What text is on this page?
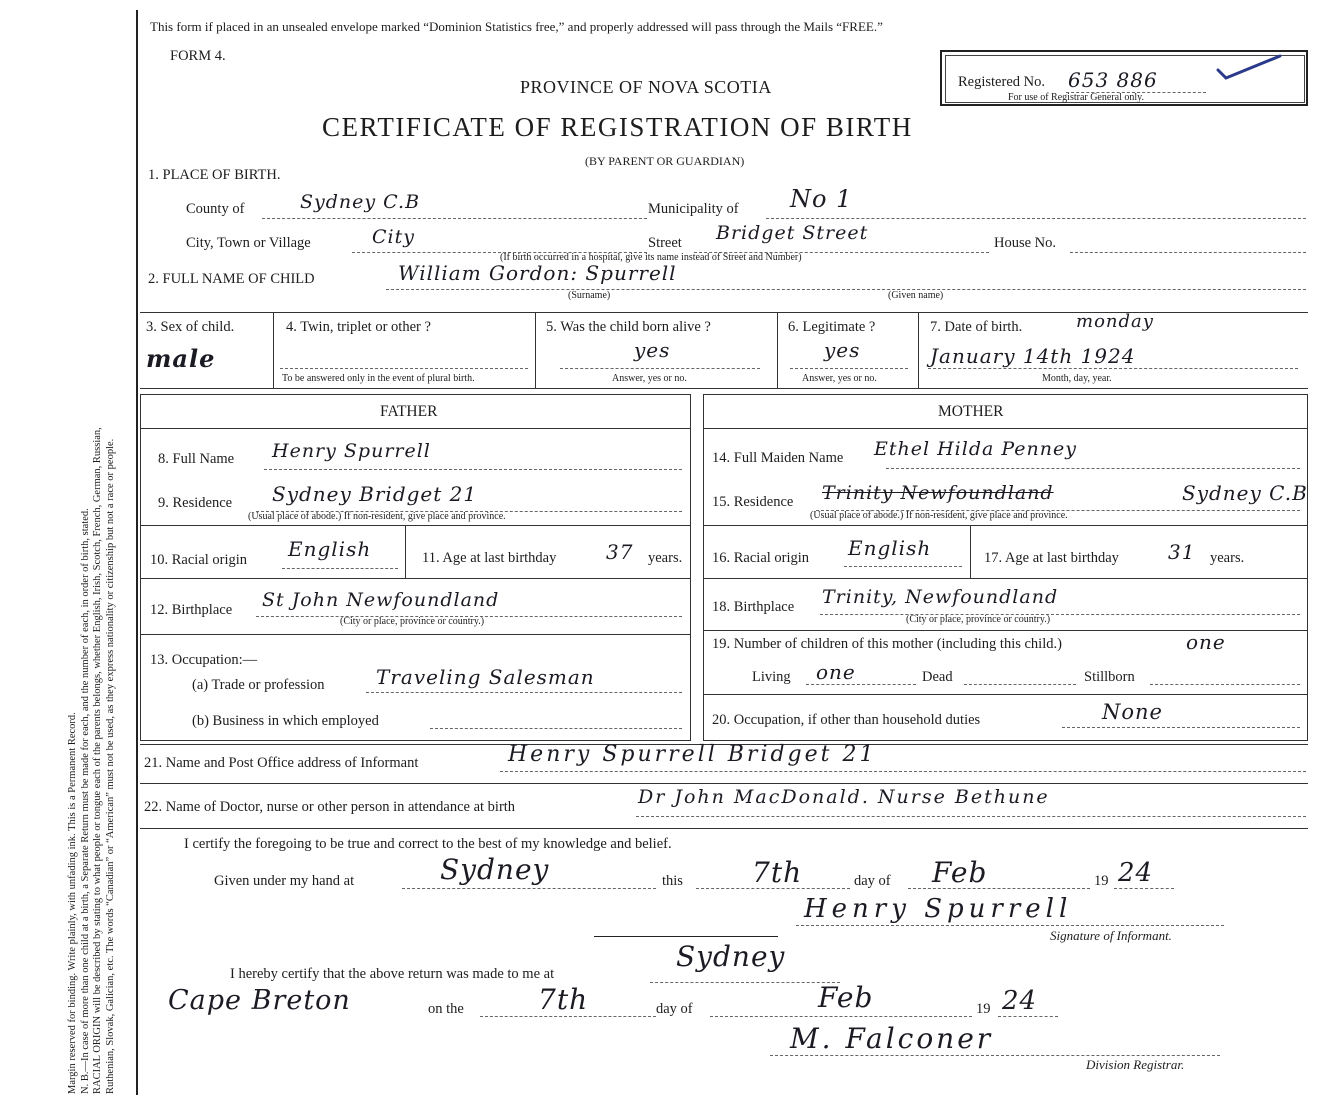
Margin reserved for binding. Write plainly, with unfading ink. This is a Permanent Record. N. B.—In case of more than one child at a birth, a Separate Return must be made for each, and the number of each, in order of birth, stated. RACIAL ORIGIN will be described by stating to what people or tongue each of the parents belongs, whether English, Irish, Scotch, French, German, Russian, Ruthenian, Slovak, Galician, etc. The words “Canadian” or “American” must not be used, as they express nationality or citizenship but not a race or people.
This form if placed in an unsealed envelope marked “Dominion Statistics free,” and properly addressed will pass through the Mails “FREE.”
FORM 4.
PROVINCE OF NOVA SCOTIA
CERTIFICATE OF REGISTRATION OF BIRTH
(BY PARENT OR GUARDIAN)
Registered No. 653 886
For use of Registrar General only.
1. PLACE OF BIRTH.
County of	Sydney C.B	Municipality of No 1
City, Town or Village	City	Street Bridget Street	House No.
(If birth occurred in a hospital, give its name instead of Street and Number)
2. FULL NAME OF CHILD	William Gordon: Spurrell
(Surname)	(Given name)
3. Sex of child.
male
4. Twin, triplet or other ?
To be answered only in the event of plural birth.
5. Was the child born alive ?
yes
Answer, yes or no.
6. Legitimate ?
yes
Answer, yes or no.
7. Date of birth.	monday
January 14th 1924
Month, day, year.
FATHER	MOTHER
8. Full Name Henry Spurrell
9. Residence Sydney Bridget 21
(Usual place of abode.) If non-resident, give place and province.
10. Racial origin English	11. Age at last birthday 37 years.
12. Birthplace St John Newfoundland
(City or place, province or country.)
13. Occupation:—
(a) Trade or profession	Traveling Salesman
(b) Business in which employed
14. Full Maiden Name Ethel Hilda Penney
15. Residence Trinity Newfoundland	Sydney C.B
(Usual place of abode.) If non-resident, give place and province.
16. Racial origin English	17. Age at last birthday 31 years.
18. Birthplace Trinity, Newfoundland
(City or place, province or country.)
19. Number of children of this mother (including this child.)	one
Living one	Dead	Stillborn
20. Occupation, if other than household duties	None
21. Name and Post Office address of Informant	Henry Spurrell Bridget 21
22. Name of Doctor, nurse or other person in attendance at birth	Dr John MacDonald. Nurse Bethune
I certify the foregoing to be true and correct to the best of my knowledge and belief.
Given under my hand at	Sydney	this 7th	day of Feb	19 24
Henry Spurrell
Signature of Informant.
I hereby certify that the above return was made to me at
Sydney
Cape Breton	on the	7th	day of	Feb	19 24
M. Falconer
Division Registrar.
